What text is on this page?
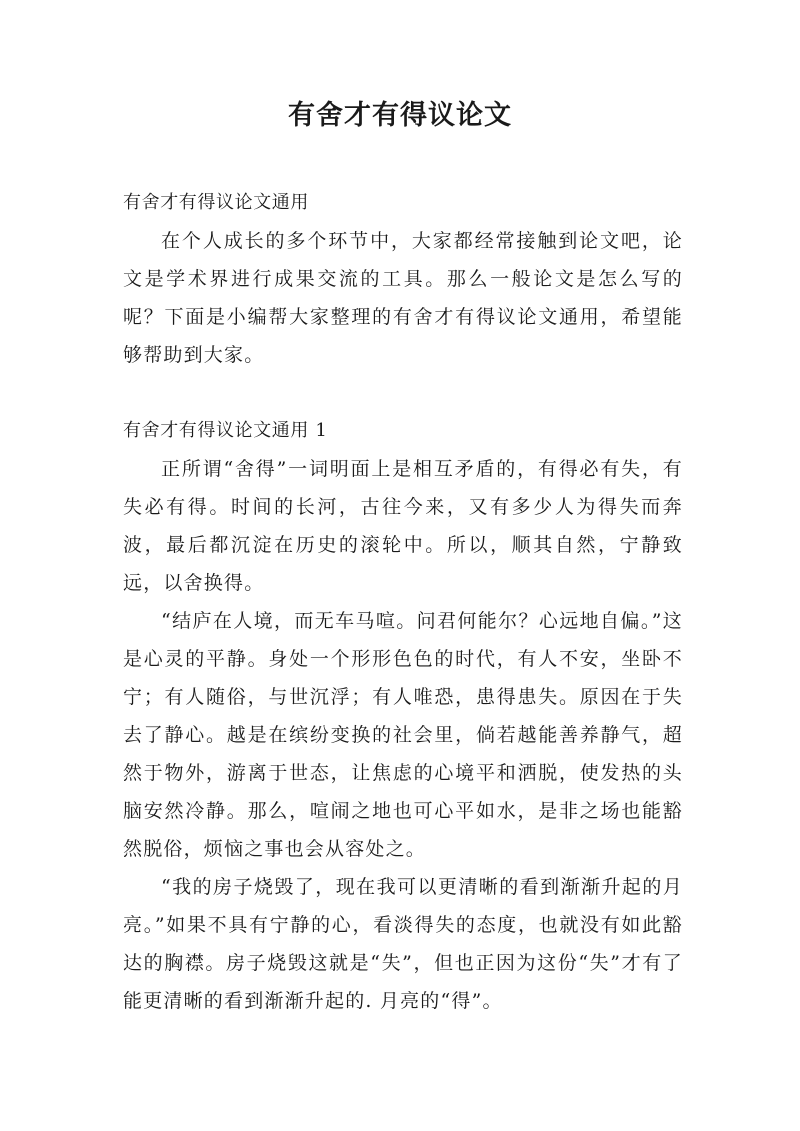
有舍才有得议论文

有舍才有得议论文通用

在个人成长的多个环节中，大家都经常接触到论文吧，论文是学术界进行成果交流的工具。那么一般论文是怎么写的呢？下面是小编帮大家整理的有舍才有得议论文通用，希望能够帮助到大家。

有舍才有得议论文通用 1

正所谓“舍得”一词明面上是相互矛盾的，有得必有失，有失必有得。时间的长河，古往今来，又有多少人为得失而奔波，最后都沉淀在历史的滚轮中。所以，顺其自然，宁静致远，以舍换得。

“结庐在人境，而无车马喧。问君何能尔？心远地自偏。”这是心灵的平静。身处一个形形色色的时代，有人不安，坐卧不宁；有人随俗，与世沉浮；有人唯恐，患得患失。原因在于失去了静心。越是在缤纷变换的社会里，倘若越能善养静气，超然于物外，游离于世态，让焦虑的心境平和洒脱，使发热的头脑安然冷静。那么，喧闹之地也可心平如水，是非之场也能豁然脱俗，烦恼之事也会从容处之。

“我的房子烧毁了，现在我可以更清晰的看到渐渐升起的月亮。”如果不具有宁静的心，看淡得失的态度，也就没有如此豁达的胸襟。房子烧毁这就是“失”，但也正因为这份“失”才有了能更清晰的看到渐渐升起的. 月亮的“得”。
